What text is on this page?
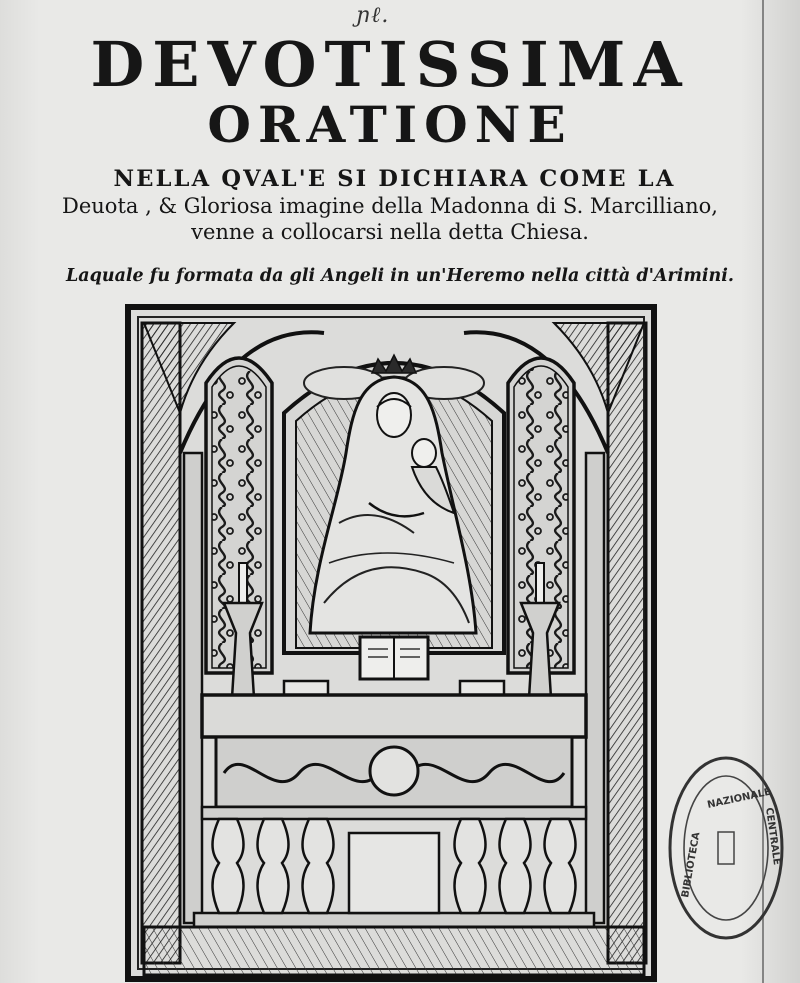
ɲℓ.
DEVOTISSIMA
ORATIONE
NELLA QVAL'E SI DICHIARA COME LA
Deuota , & Gloriosa imagine della Madonna di S. Marcilliano,
venne a collocarsi nella detta Chiesa.
Laquale fu formata da gli Angeli in un'Heremo nella città d'Arimini.
BIBLIOTECA
NAZIONALE
CENTRALE
